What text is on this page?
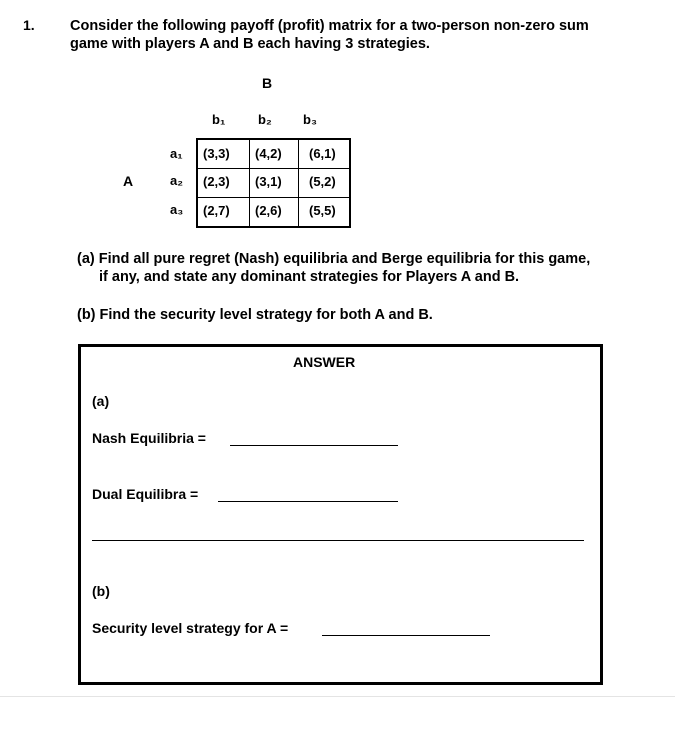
1. Consider the following payoff (profit) matrix for a two-person non-zero sum
game with players A and B each having 3 strategies.
B
b₁	b₂ b₃
A
a₁
a₂
a₃
(3,3) (4,2) (6,1)
(2,3) (3,1) (5,2)
(2,7) (2,6) (5,5)
(a) Find all pure regret (Nash) equilibria and Berge equilibria for this game,
if any, and state any dominant strategies for Players A and B.
(b) Find the security level strategy for both A and B.
ANSWER
(a)
Nash Equilibria =
Dual Equilibra =
(b)
Security level strategy for A =
